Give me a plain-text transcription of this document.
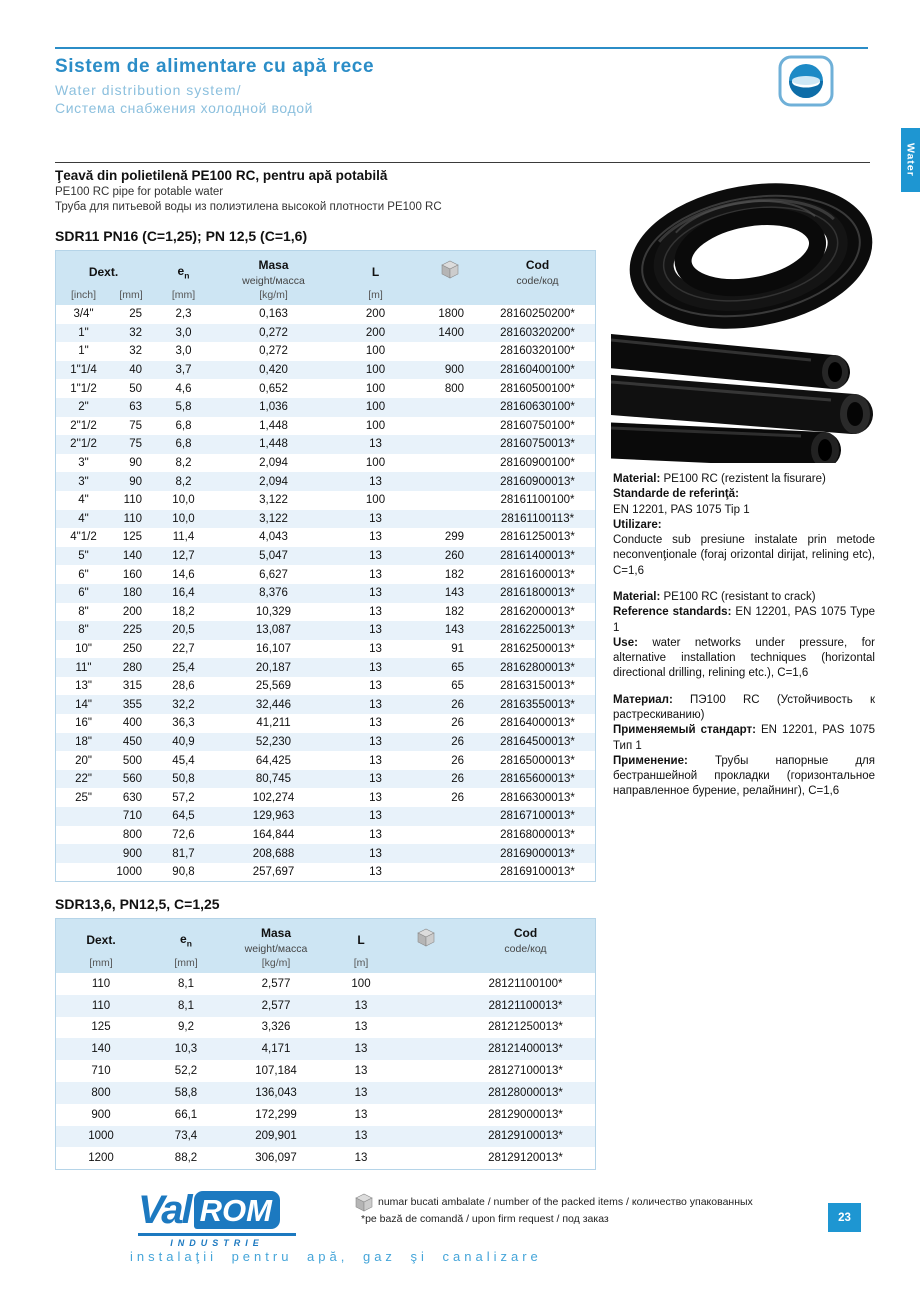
Sistem de alimentare cu apă rece
Water distribution system/
Система снабжения холодной водой
Water
Ţeavă din polietilenă PE100 RC, pentru apă potabilă
PE100 RC pipe for potable water
Труба для питьевой воды из полиэтилена высокой плотности PE100 RC
SDR11 PN16 (C=1,25); PN 12,5 (C=1,6)
Dext.		$e_n$	Masa
weight/масса	L		Cod
code/код

[inch]	[mm]	[mm]	[kg/m]	[m]		
3/4"	25	2,3	0,163	200	1800	28160250200*
1"	32	3,0	0,272	200	1400	28160320200*
1"	32	3,0	0,272	100		28160320100*
1"1/4	40	3,7	0,420	100	900	28160400100*
1"1/2	50	4,6	0,652	100	800	28160500100*
2"	63	5,8	1,036	100		28160630100*
2"1/2	75	6,8	1,448	100		28160750100*
2''1/2	75	6,8	1,448	13		28160750013*
3"	90	8,2	2,094	100		28160900100*
3"	90	8,2	2,094	13		28160900013*
4"	110	10,0	3,122	100		28161100100*
4"	110	10,0	3,122	13		28161100113*
4"1/2	125	11,4	4,043	13	299	28161250013*
5"	140	12,7	5,047	13	260	28161400013*
6"	160	14,6	6,627	13	182	28161600013*
6"	180	16,4	8,376	13	143	28161800013*
8"	200	18,2	10,329	13	182	28162000013*
8"	225	20,5	13,087	13	143	28162250013*
10"	250	22,7	16,107	13	91	28162500013*
11"	280	25,4	20,187	13	65	28162800013*
13"	315	28,6	25,569	13	65	28163150013*
14"	355	32,2	32,446	13	26	28163550013*
16"	400	36,3	41,211	13	26	28164000013*
18"	450	40,9	52,230	13	26	28164500013*
20"	500	45,4	64,425	13	26	28165000013*
22"	560	50,8	80,745	13	26	28165600013*
25"	630	57,2	102,274	13	26	28166300013*
	710	64,5	129,963	13		28167100013*
	800	72,6	164,844	13		28168000013*
	900	81,7	208,688	13		28169000013*
	1000	90,8	257,697	13		28169100013*
SDR13,6, PN12,5, C=1,25
Dext.	$e_n$	Masa
weight/масса	L		Cod
code/код

[mm]	[mm]	[kg/m]	[m]		
110	8,1	2,577	100		28121100100*
110	8,1	2,577	13		28121100013*
125	9,2	3,326	13		28121250013*
140	10,3	4,171	13		28121400013*
710	52,2	107,184	13		28127100013*
800	58,8	136,043	13		28128000013*
900	66,1	172,299	13		28129000013*
1000	73,4	209,901	13		28129100013*
1200	88,2	306,097	13		28129120013*
Material: PE100 RC (rezistent la fisurare)
Standarde de referinţă:
EN 12201, PAS 1075 Tip 1
Utilizare:
Conducte sub presiune instalate prin metode neconvenţionale (foraj orizontal dirijat, relining etc), C=1,6
Material: PE100 RC (resistant to crack)
Reference standards: EN 12201, PAS 1075 Type 1
Use: water networks under pressure, for alternative installation techniques (horizontal directional drilling, relining etc.), C=1,6
Материал: ПЭ100 RC (Устойчивость к растрескиванию)
Применяемый стандарт: EN 12201, PAS 1075 Тип 1
Применение: Трубы напорные для бестраншейной прокладки (горизонтальное направленное бурение, релайнинг), C=1,6
Val ROM
INDUSTRIE
numar bucati ambalate / number of the packed items / количество упакованных
*pe bază de comandă / upon firm request / под заказ
instalaţii pentru apă, gaz şi canalizare
23
